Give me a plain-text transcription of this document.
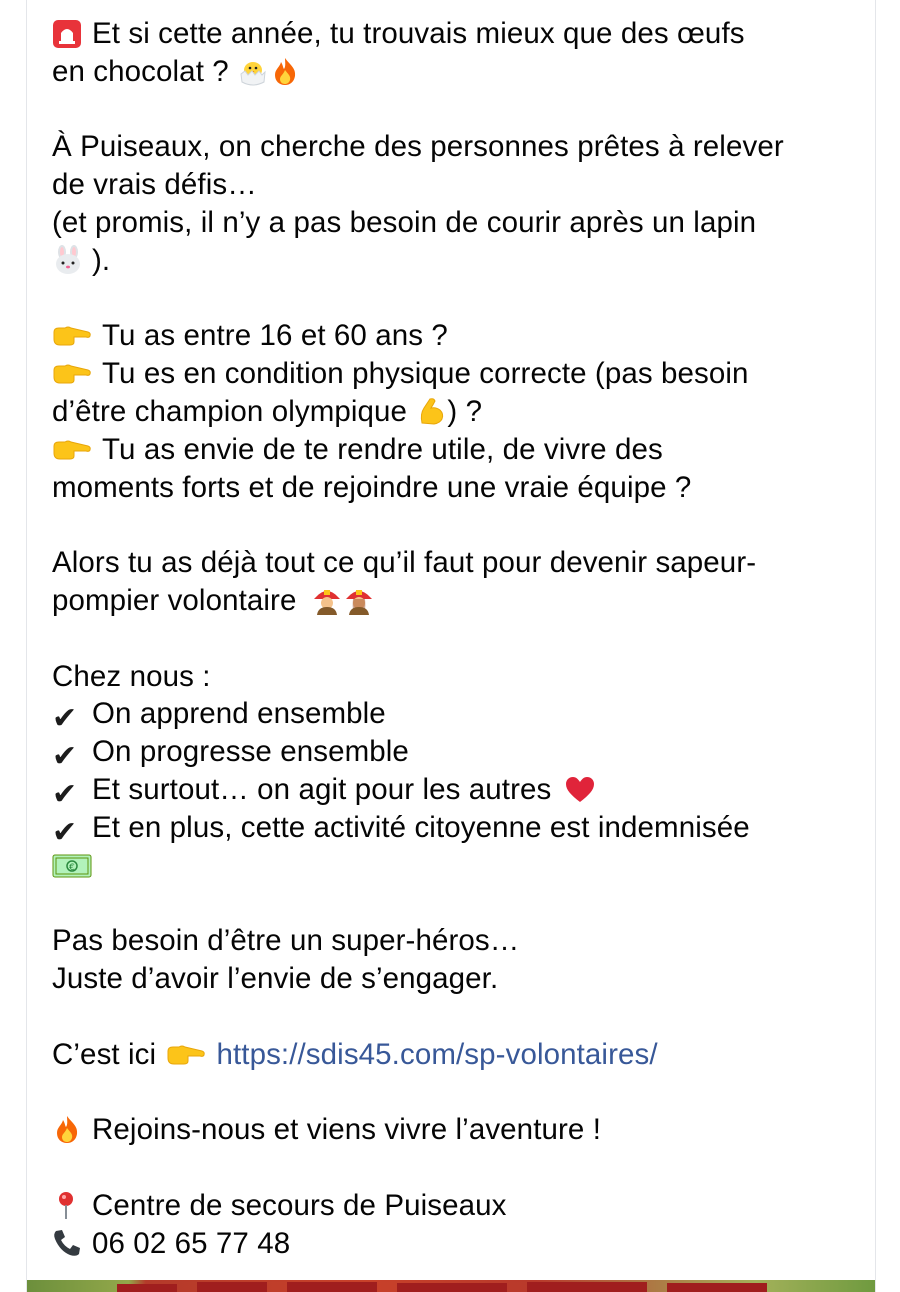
Et si cette année, tu trouvais mieux que des œufs
en chocolat ?
À Puiseaux, on cherche des personnes prêtes à relever
de vrais défis…
(et promis, il n’y a pas besoin de courir après un lapin
).
Tu as entre 16 et 60 ans ?
Tu es en condition physique correcte (pas besoin
d’être champion olympique ) ?
Tu as envie de te rendre utile, de vivre des
moments forts et de rejoindre une vraie équipe ?
Alors tu as déjà tout ce qu’il faut pour devenir sapeur-
pompier volontaire
Chez nous :
✔ On apprend ensemble
✔ On progresse ensemble
✔ Et surtout… on agit pour les autres
✔ Et en plus, cette activité citoyenne est indemnisée
€
Pas besoin d’être un super-héros…
Juste d’avoir l’envie de s’engager.
C’est ici https://sdis45.com/sp-volontaires/
Rejoins-nous et viens vivre l’aventure !
Centre de secours de Puiseaux
06 02 65 77 48
